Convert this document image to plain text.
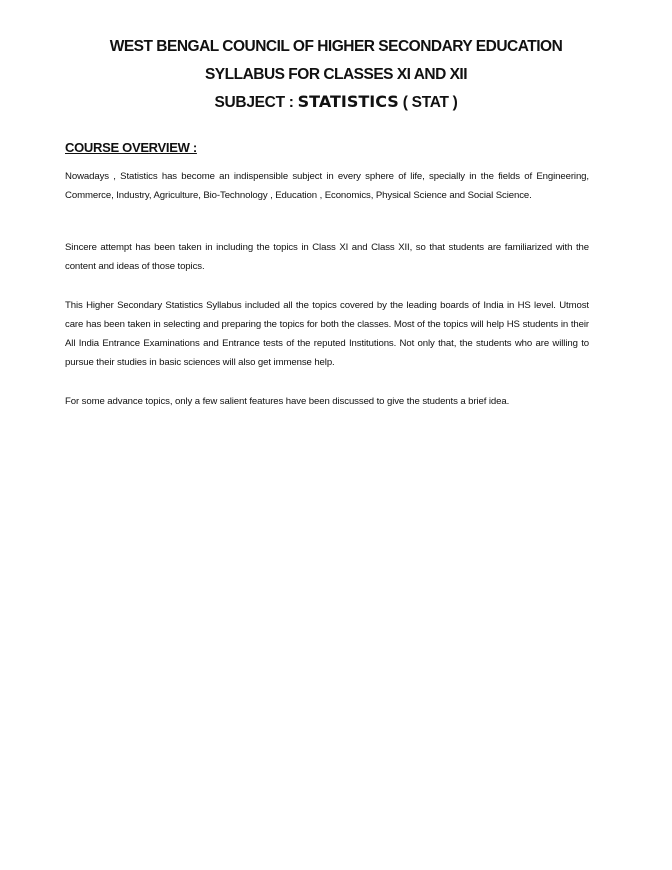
WEST BENGAL COUNCIL OF HIGHER SECONDARY EDUCATION
SYLLABUS FOR CLASSES XI AND XII
SUBJECT : STATISTICS ( STAT )
COURSE OVERVIEW :
Nowadays , Statistics has become an indispensible subject in every sphere of life, specially in the fields of Engineering, Commerce, Industry, Agriculture, Bio-Technology , Education , Economics, Physical Science and Social Science.
Sincere attempt has been taken in including the topics in Class XI and Class XII, so that students are familiarized with the content and ideas of those topics.
This Higher Secondary Statistics Syllabus included all the topics covered by the leading boards of India in HS level. Utmost care has been taken in selecting and preparing the topics for both the classes. Most of the topics will help HS students in their All India Entrance Examinations and Entrance tests of the reputed Institutions. Not only that, the students who are willing to pursue their studies in basic sciences will also get immense help.
For some advance topics, only a few salient features have been discussed to give the students a brief idea.
